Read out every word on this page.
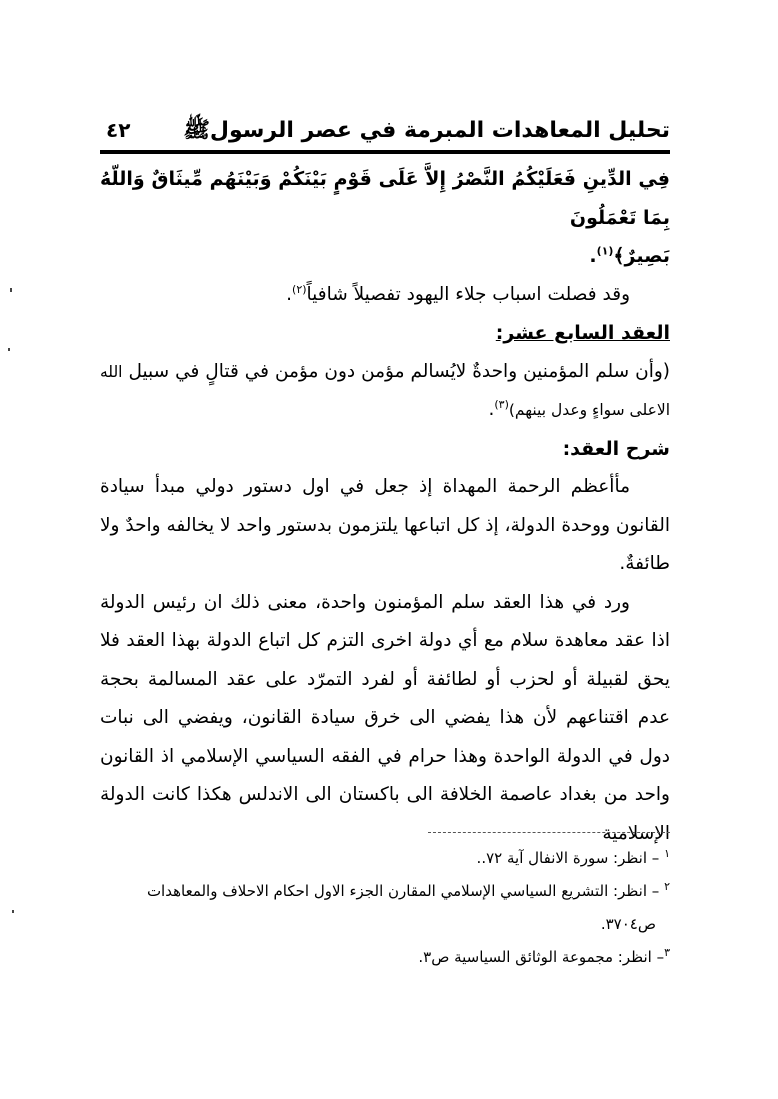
تحليل المعاهدات المبرمة في عصر الرسولﷺ
٤٢

فِي الدِّينِ فَعَلَيْكُمُ النَّصْرُ إِلاَّ عَلَى قَوْمٍ بَيْنَكُمْ وَبَيْنَهُم مِّيثَاقٌ وَاللّهُ بِمَا تَعْمَلُونَ

بَصِيرٌ﴾$^{(١)}$.

وقد فصلت اسباب جلاء اليهود تفصيلاً شافياً$^{(٢)}$.

العقد السابع عشر:

(وأن سلم المؤمنين واحدةٌ لايُسالم مؤمن دون مؤمن في قتالٍ في سبيل الله الاعلى سواءٍ وعدل بينهم)$^{(٣)}$.

شرح العقد:

مأأعظم الرحمة المهداة إذ جعل في اول دستور دولي مبدأ سيادة القانون ووحدة الدولة، إذ كل اتباعها يلتزمون بدستور واحد لا يخالفه واحدٌ ولا طائفةٌ.

ورد في هذا العقد سلم المؤمنون واحدة، معنى ذلك ان رئيس الدولة اذا عقد معاهدة سلام مع أي دولة اخرى التزم كل اتباع الدولة بهذا العقد فلا يحق لقبيلة أو لحزب أو لطائفة أو لفرد التمرّد على عقد المسالمة بحجة عدم اقتناعهم لأن هذا يفضي الى خرق سيادة القانون، ويفضي الى نبات دول في الدولة الواحدة وهذا حرام في الفقه السياسي الإسلامي اذ القانون واحد من بغداد عاصمة الخلافة الى باكستان الى الاندلس هكذا كانت الدولة الإسلامية

$^١$ – انظر: سورة الانفال آية ٧٢..

$^٢$ – انظر: التشريع السياسي الإسلامي المقارن الجزء الاول احكام الاحلاف والمعاهدات

ص٣٧٠٤.

$^٣$– انظر: مجموعة الوثائق السياسية ص٣.
